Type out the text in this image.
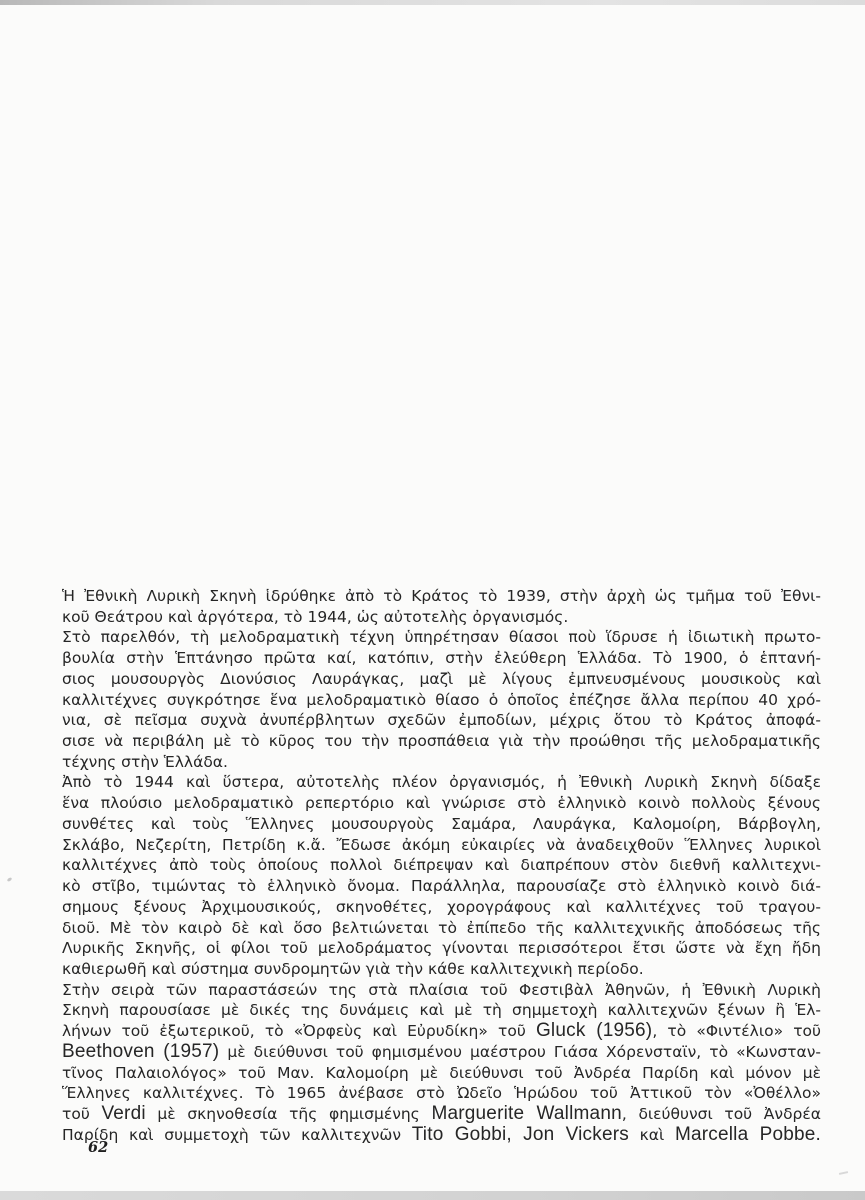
Ἡ Ἐθνικὴ Λυρικὴ Σκηνὴ ἱδρύθηκε ἀπὸ τὸ Κράτος τὸ 1939, στὴν ἀρχὴ ὡς τμῆμα τοῦ Ἐθνι-
κοῦ Θεάτρου καὶ ἀργότερα, τὸ 1944, ὡς αὐτοτελὴς ὀργανισμός.
Στὸ παρελθόν, τὴ μελοδραματικὴ τέχνη ὑπηρέτησαν θίασοι ποὺ ἵδρυσε ἡ ἰδιωτικὴ πρωτο-
βουλία στὴν Ἑπτάνησο πρῶτα καί, κατόπιν, στὴν ἐλεύθερη Ἑλλάδα. Τὸ 1900, ὁ ἑπτανή-
σιος μουσουργὸς Διονύσιος Λαυράγκας, μαζὶ μὲ λίγους ἐμπνευσμένους μουσικοὺς καὶ
καλλιτέχνες συγκρότησε ἕνα μελοδραματικὸ θίασο ὁ ὁποῖος ἐπέζησε ἄλλα περίπου 40 χρό-
νια, σὲ πεῖσμα συχνὰ ἀνυπέρβλητων σχεδῶν ἐμποδίων, μέχρις ὅτου τὸ Κράτος ἀποφά-
σισε νὰ περιβάλη μὲ τὸ κῦρος του τὴν προσπάθεια γιὰ τὴν προώθησι τῆς μελοδραματικῆς
τέχνης στὴν Ἑλλάδα.
Ἀπὸ τὸ 1944 καὶ ὕστερα, αὐτοτελὴς πλέον ὀργανισμός, ἡ Ἐθνικὴ Λυρικὴ Σκηνὴ δίδαξε
ἕνα πλούσιο μελοδραματικὸ ρεπερτόριο καὶ γνώρισε στὸ ἑλληνικὸ κοινὸ πολλοὺς ξένους
συνθέτες καὶ τοὺς Ἕλληνες μουσουργοὺς Σαμάρα, Λαυράγκα, Καλομοίρη, Βάρβογλη,
Σκλάβο, Νεζερίτη, Πετρίδη κ.ἄ. Ἔδωσε ἀκόμη εὐκαιρίες νὰ ἀναδειχθοῦν Ἕλληνες λυρικοὶ
καλλιτέχνες ἀπὸ τοὺς ὁποίους πολλοὶ διέπρεψαν καὶ διαπρέπουν στὸν διεθνῆ καλλιτεχνι-
κὸ στῖβο, τιμώντας τὸ ἑλληνικὸ ὄνομα. Παράλληλα, παρουσίαζε στὸ ἑλληνικὸ κοινὸ διά-
σημους ξένους Ἀρχιμουσικούς, σκηνοθέτες, χορογράφους καὶ καλλιτέχνες τοῦ τραγου-
διοῦ. Μὲ τὸν καιρὸ δὲ καὶ ὅσο βελτιώνεται τὸ ἐπίπεδο τῆς καλλιτεχνικῆς ἀποδόσεως τῆς
Λυρικῆς Σκηνῆς, οἱ φίλοι τοῦ μελοδράματος γίνονται περισσότεροι ἔτσι ὥστε νὰ ἔχη ἤδη
καθιερωθῆ καὶ σύστημα συνδρομητῶν γιὰ τὴν κάθε καλλιτεχνικὴ περίοδο.
Στὴν σειρὰ τῶν παραστάσεών της στὰ πλαίσια τοῦ Φεστιβὰλ Ἀθηνῶν, ἡ Ἐθνικὴ Λυρικὴ
Σκηνὴ παρουσίασε μὲ δικές της δυνάμεις καὶ μὲ τὴ σημμετοχὴ καλλιτεχνῶν ξένων ἢ Ἑλ-
λήνων τοῦ ἐξωτερικοῦ, τὸ «Ὀρφεὺς καὶ Εὐρυδίκη» τοῦ Gluck (1956), τὸ «Φιντέλιο» τοῦ
Beethoven (1957) μὲ διεύθυνσι τοῦ φημισμένου μαέστρου Γιάσα Χόρενσταϊν, τὸ «Κωνσταν-
τῖνος Παλαιολόγος» τοῦ Μαν. Καλομοίρη μὲ διεύθυνσι τοῦ Ἀνδρέα Παρίδη καὶ μόνον μὲ
Ἕλληνες καλλιτέχνες. Τὸ 1965 ἀνέβασε στὸ Ὠδεῖο Ἡρώδου τοῦ Ἀττικοῦ τὸν «Ὀθέλλο»
τοῦ Verdi μὲ σκηνοθεσία τῆς φημισμένης Marguerite Wallmann, διεύθυνσι τοῦ Ἀνδρέα
Παρίδη καὶ συμμετοχὴ τῶν καλλιτεχνῶν Tito Gobbi, Jon Vickers καὶ Marcella Pobbe.
62
